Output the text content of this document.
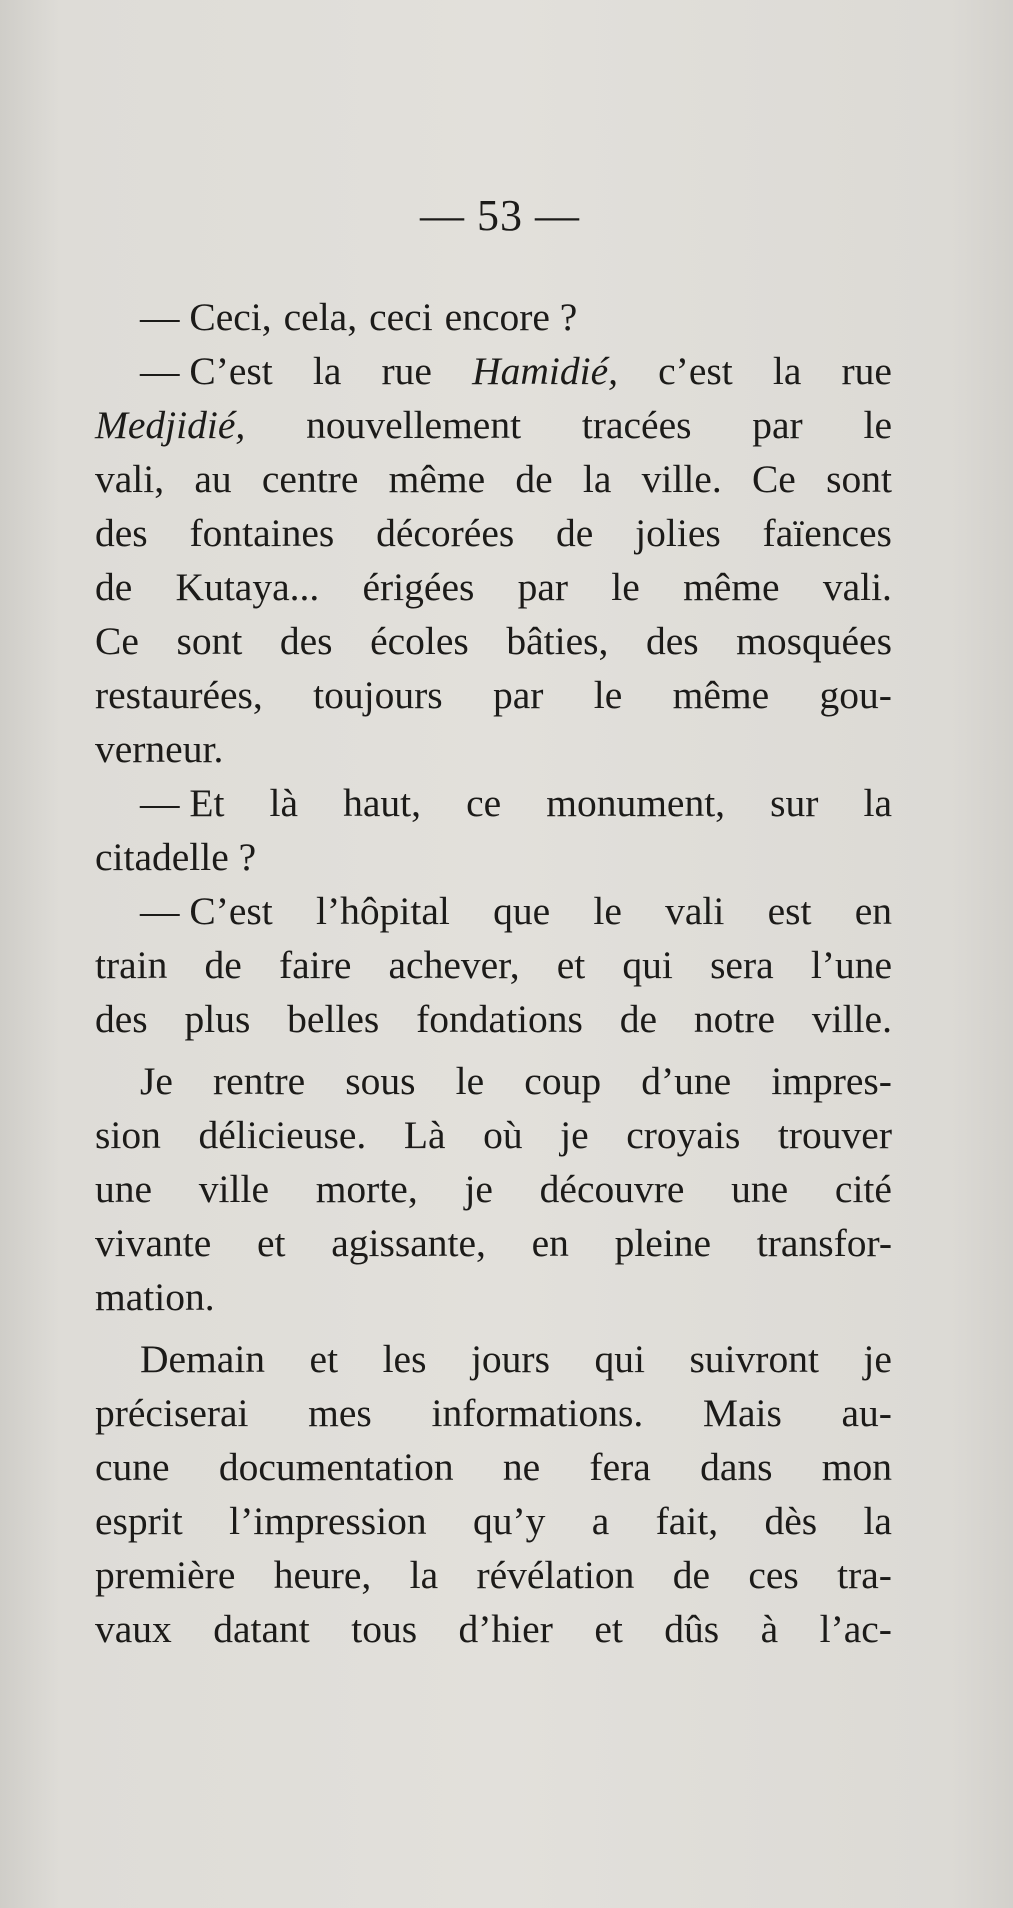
— 53 —
— Ceci, cela, ceci encore ?
— C’est la rue Hamidié, c’est la rue
Medjidié, nouvellement tracées par le
vali, au centre même de la ville. Ce sont
des fontaines décorées de jolies faïences
de Kutaya... érigées par le même vali.
Ce sont des écoles bâties, des mosquées
restaurées, toujours par le même gou-
verneur.
— Et là haut, ce monument, sur la
citadelle ?
— C’est l’hôpital que le vali est en
train de faire achever, et qui sera l’une
des plus belles fondations de notre ville.
Je rentre sous le coup d’une impres-
sion délicieuse. Là où je croyais trouver
une ville morte, je découvre une cité
vivante et agissante, en pleine transfor-
mation.
Demain et les jours qui suivront je
préciserai mes informations. Mais au-
cune documentation ne fera dans mon
esprit l’impression qu’y a fait, dès la
première heure, la révélation de ces tra-
vaux datant tous d’hier et dûs à l’ac-
